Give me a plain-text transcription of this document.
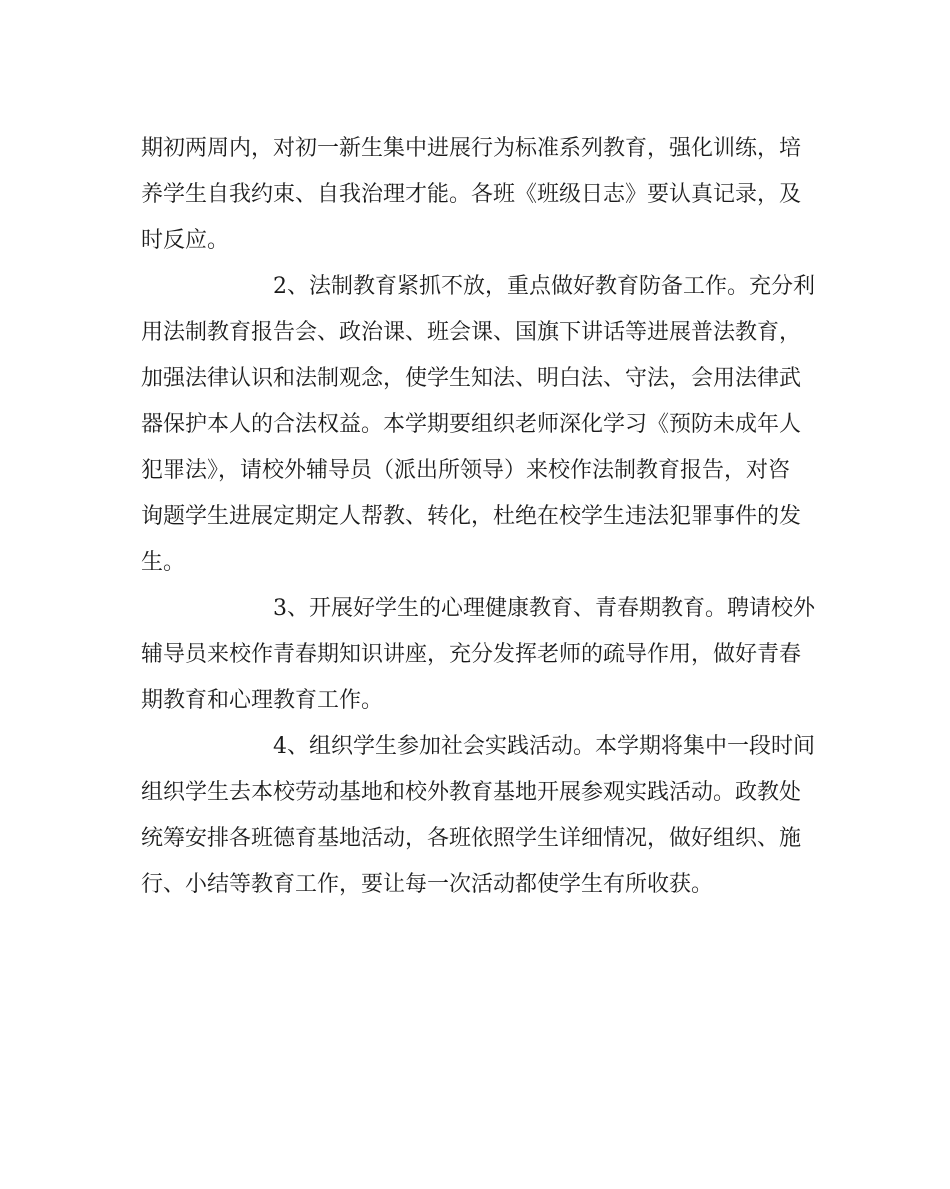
期初两周内，对初一新生集中进展行为标准系列教育，强化训练，培
养学生自我约束、自我治理才能。各班《班级日志》要认真记录，及
时反应。
2、法制教育紧抓不放，重点做好教育防备工作。充分利
用法制教育报告会、政治课、班会课、国旗下讲话等进展普法教育，
加强法律认识和法制观念，使学生知法、明白法、守法，会用法律武
器保护本人的合法权益。本学期要组织老师深化学习《预防未成年人
犯罪法》，请校外辅导员（派出所领导）来校作法制教育报告，对咨
询题学生进展定期定人帮教、转化，杜绝在校学生违法犯罪事件的发
生。
3、开展好学生的心理健康教育、青春期教育。聘请校外
辅导员来校作青春期知识讲座，充分发挥老师的疏导作用，做好青春
期教育和心理教育工作。
4、组织学生参加社会实践活动。本学期将集中一段时间
组织学生去本校劳动基地和校外教育基地开展参观实践活动。政教处
统筹安排各班德育基地活动，各班依照学生详细情况，做好组织、施
行、小结等教育工作，要让每一次活动都使学生有所收获。
